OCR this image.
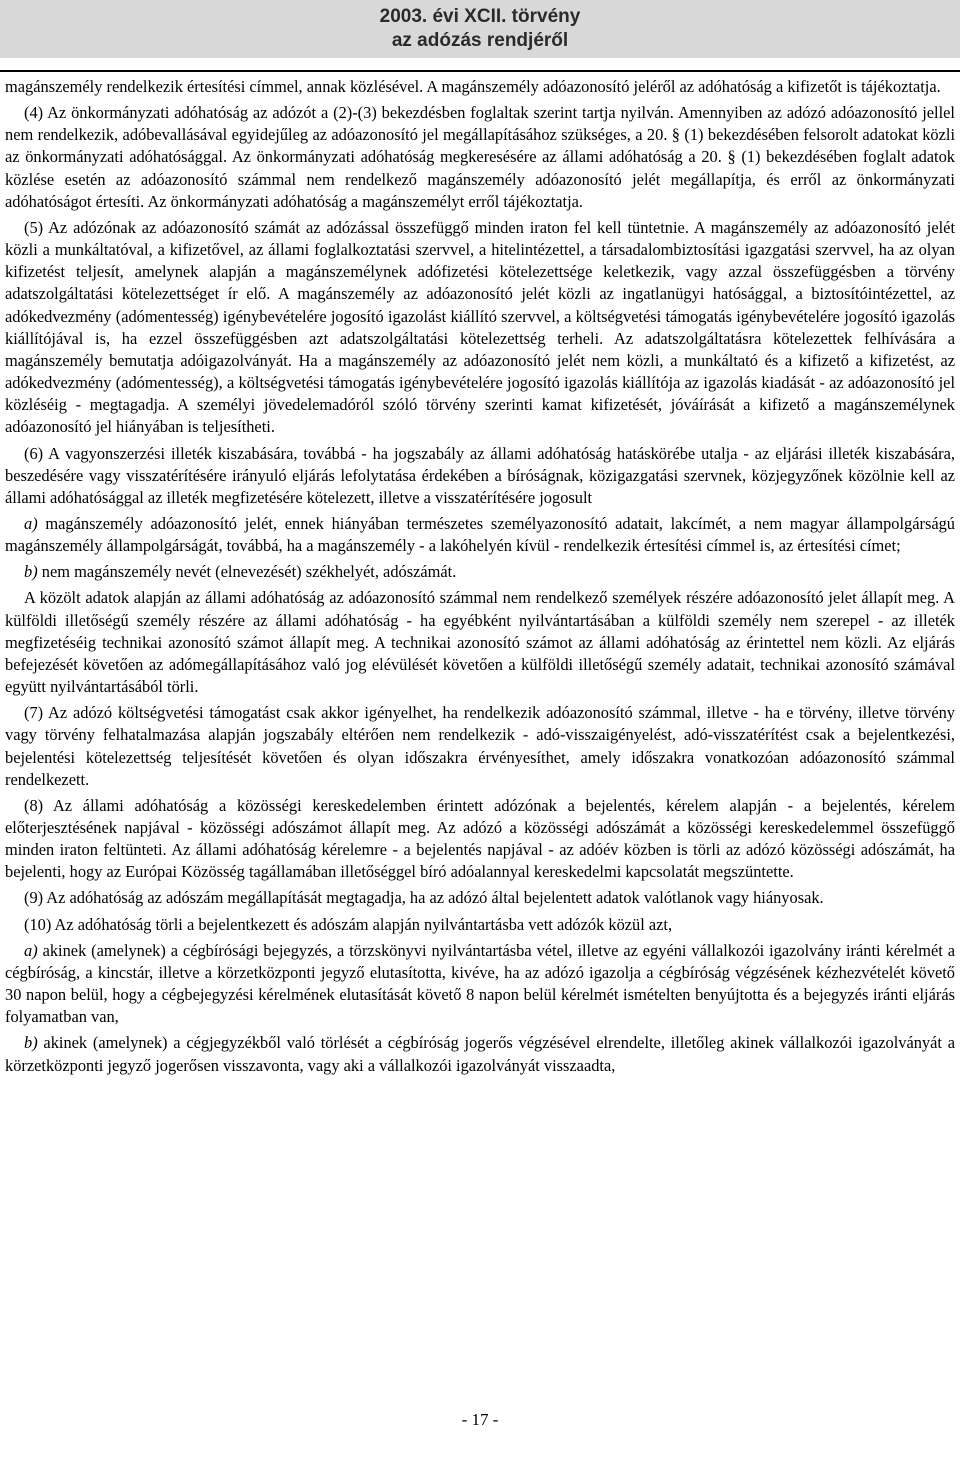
2003. évi XCII. törvény
az adózás rendjéről

magánszemély rendelkezik értesítési címmel, annak közlésével. A magánszemély adóazonosító jeléről az adóhatóság a kifizetőt is tájékoztatja.

(4) Az önkormányzati adóhatóság az adózót a (2)-(3) bekezdésben foglaltak szerint tartja nyilván. Amennyiben az adózó adóazonosító jellel nem rendelkezik, adóbevallásával egyidejűleg az adóazonosító jel megállapításához szükséges, a 20. § (1) bekezdésében felsorolt adatokat közli az önkormányzati adóhatósággal. Az önkormányzati adóhatóság megkeresésére az állami adóhatóság a 20. § (1) bekezdésében foglalt adatok közlése esetén az adóazonosító számmal nem rendelkező magánszemély adóazonosító jelét megállapítja, és erről az önkormányzati adóhatóságot értesíti. Az önkormányzati adóhatóság a magánszemélyt erről tájékoztatja.

(5) Az adózónak az adóazonosító számát az adózással összefüggő minden iraton fel kell tüntetnie. A magánszemély az adóazonosító jelét közli a munkáltatóval, a kifizetővel, az állami foglalkoztatási szervvel, a hitelintézettel, a társadalombiztosítási igazgatási szervvel, ha az olyan kifizetést teljesít, amelynek alapján a magánszemélynek adófizetési kötelezettsége keletkezik, vagy azzal összefüggésben a törvény adatszolgáltatási kötelezettséget ír elő. A magánszemély az adóazonosító jelét közli az ingatlanügyi hatósággal, a biztosítóintézettel, az adókedvezmény (adómentesség) igénybevételére jogosító igazolást kiállító szervvel, a költségvetési támogatás igénybevételére jogosító igazolás kiállítójával is, ha ezzel összefüggésben azt adatszolgáltatási kötelezettség terheli. Az adatszolgáltatásra kötelezettek felhívására a magánszemély bemutatja adóigazolványát. Ha a magánszemély az adóazonosító jelét nem közli, a munkáltató és a kifizető a kifizetést, az adókedvezmény (adómentesség), a költségvetési támogatás igénybevételére jogosító igazolás kiállítója az igazolás kiadását - az adóazonosító jel közléséig - megtagadja. A személyi jövedelemadóról szóló törvény szerinti kamat kifizetését, jóváírását a kifizető a magánszemélynek adóazonosító jel hiányában is teljesítheti.

(6) A vagyonszerzési illeték kiszabására, továbbá - ha jogszabály az állami adóhatóság hatáskörébe utalja - az eljárási illeték kiszabására, beszedésére vagy visszatérítésére irányuló eljárás lefolytatása érdekében a bíróságnak, közigazgatási szervnek, közjegyzőnek közölnie kell az állami adóhatósággal az illeték megfizetésére kötelezett, illetve a visszatérítésére jogosult

a) magánszemély adóazonosító jelét, ennek hiányában természetes személyazonosító adatait, lakcímét, a nem magyar állampolgárságú magánszemély állampolgárságát, továbbá, ha a magánszemély - a lakóhelyén kívül - rendelkezik értesítési címmel is, az értesítési címet;

b) nem magánszemély nevét (elnevezését) székhelyét, adószámát.

A közölt adatok alapján az állami adóhatóság az adóazonosító számmal nem rendelkező személyek részére adóazonosító jelet állapít meg. A külföldi illetőségű személy részére az állami adóhatóság - ha egyébként nyilvántartásában a külföldi személy nem szerepel - az illeték megfizetéséig technikai azonosító számot állapít meg. A technikai azonosító számot az állami adóhatóság az érintettel nem közli. Az eljárás befejezését követően az adómegállapításához való jog elévülését követően a külföldi illetőségű személy adatait, technikai azonosító számával együtt nyilvántartásából törli.

(7) Az adózó költségvetési támogatást csak akkor igényelhet, ha rendelkezik adóazonosító számmal, illetve - ha e törvény, illetve törvény vagy törvény felhatalmazása alapján jogszabály eltérően nem rendelkezik - adó-visszaigényelést, adó-visszatérítést csak a bejelentkezési, bejelentési kötelezettség teljesítését követően és olyan időszakra érvényesíthet, amely időszakra vonatkozóan adóazonosító számmal rendelkezett.

(8) Az állami adóhatóság a közösségi kereskedelemben érintett adózónak a bejelentés, kérelem alapján - a bejelentés, kérelem előterjesztésének napjával - közösségi adószámot állapít meg. Az adózó a közösségi adószámát a közösségi kereskedelemmel összefüggő minden iraton feltünteti. Az állami adóhatóság kérelemre - a bejelentés napjával - az adóév közben is törli az adózó közösségi adószámát, ha bejelenti, hogy az Európai Közösség tagállamában illetőséggel bíró adóalannyal kereskedelmi kapcsolatát megszüntette.

(9) Az adóhatóság az adószám megállapítását megtagadja, ha az adózó által bejelentett adatok valótlanok vagy hiányosak.

(10) Az adóhatóság törli a bejelentkezett és adószám alapján nyilvántartásba vett adózók közül azt,

a) akinek (amelynek) a cégbírósági bejegyzés, a törzskönyvi nyilvántartásba vétel, illetve az egyéni vállalkozói igazolvány iránti kérelmét a cégbíróság, a kincstár, illetve a körzetközponti jegyző elutasította, kivéve, ha az adózó igazolja a cégbíróság végzésének kézhezvételét követő 30 napon belül, hogy a cégbejegyzési kérelmének elutasítását követő 8 napon belül kérelmét ismételten benyújtotta és a bejegyzés iránti eljárás folyamatban van,

b) akinek (amelynek) a cégjegyzékből való törlését a cégbíróság jogerős végzésével elrendelte, illetőleg akinek vállalkozói igazolványát a körzetközponti jegyző jogerősen visszavonta, vagy aki a vállalkozói igazolványát visszaadta,

- 17 -
